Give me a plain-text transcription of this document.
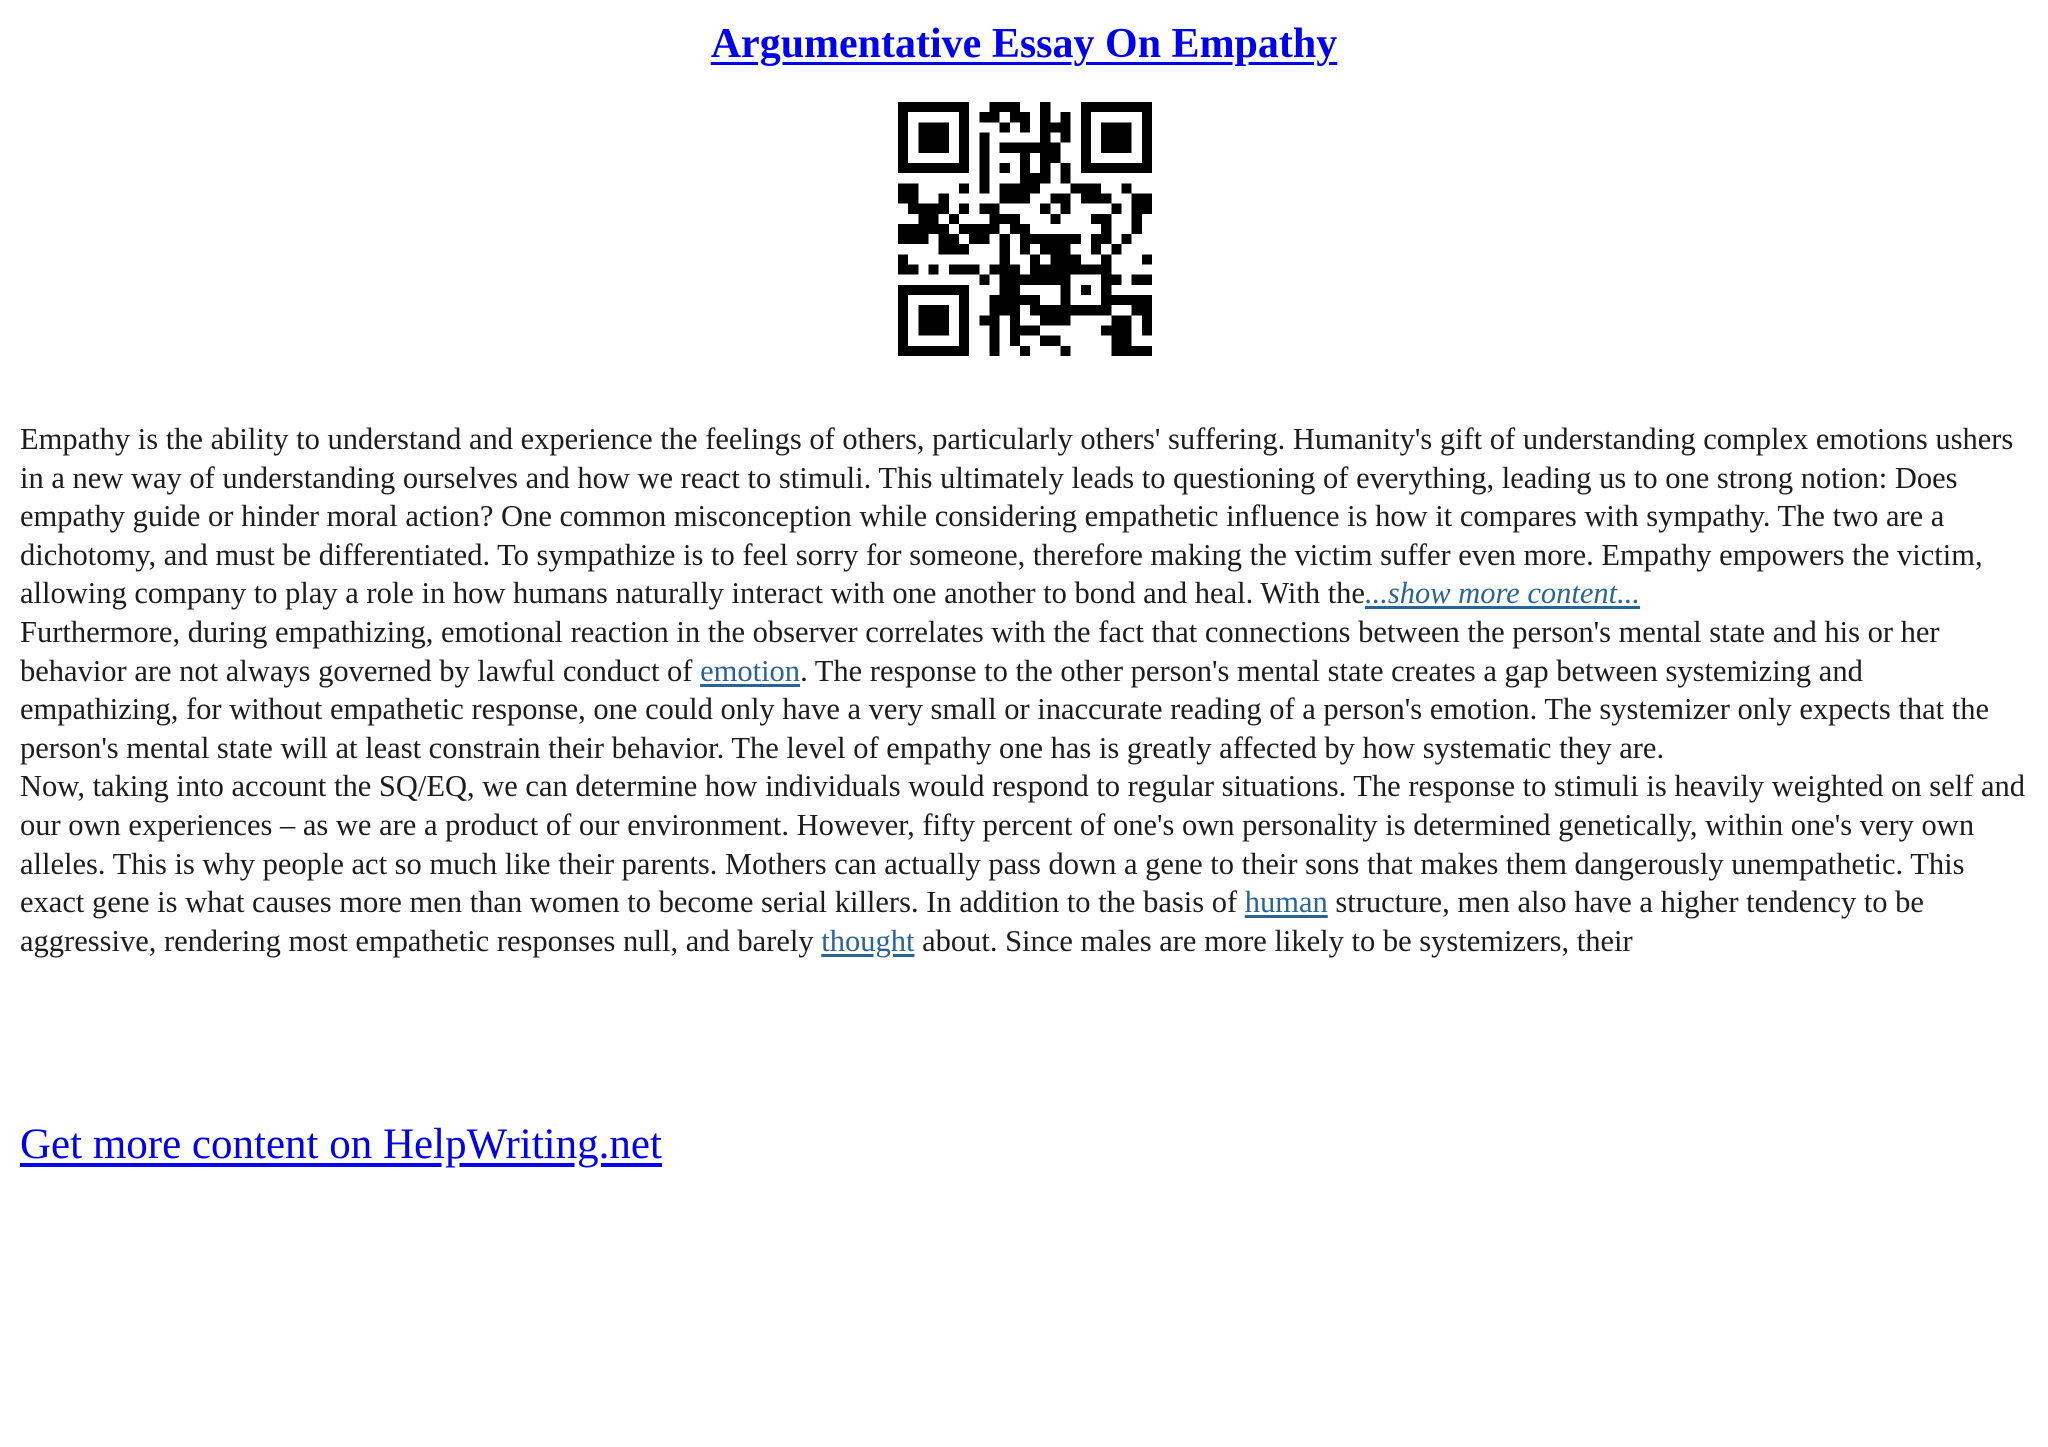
Argumentative Essay On Empathy

Empathy is the ability to understand and experience the feelings of others, particularly others' suffering. Humanity's gift of understanding complex emotions ushers in a new way of understanding ourselves and how we react to stimuli. This ultimately leads to questioning of everything, leading us to one strong notion: Does empathy guide or hinder moral action? One common misconception while considering empathetic influence is how it compares with sympathy. The two are a dichotomy, and must be differentiated. To sympathize is to feel sorry for someone, therefore making the victim suffer even more. Empathy empowers the victim, allowing company to play a role in how humans naturally interact with one another to bond and heal. With the...show more content...

Furthermore, during empathizing, emotional reaction in the observer correlates with the fact that connections between the person's mental state and his or her behavior are not always governed by lawful conduct of emotion. The response to the other person's mental state creates a gap between systemizing and empathizing, for without empathetic response, one could only have a very small or inaccurate reading of a person's emotion. The systemizer only expects that the person's mental state will at least constrain their behavior. The level of empathy one has is greatly affected by how systematic they are.

Now, taking into account the SQ/EQ, we can determine how individuals would respond to regular situations. The response to stimuli is heavily weighted on self and our own experiences – as we are a product of our environment. However, fifty percent of one's own personality is determined genetically, within one's very own alleles. This is why people act so much like their parents. Mothers can actually pass down a gene to their sons that makes them dangerously unempathetic. This exact gene is what causes more men than women to become serial killers. In addition to the basis of human structure, men also have a higher tendency to be aggressive, rendering most empathetic responses null, and barely thought about. Since males are more likely to be systemizers, their

Get more content on HelpWriting.net
